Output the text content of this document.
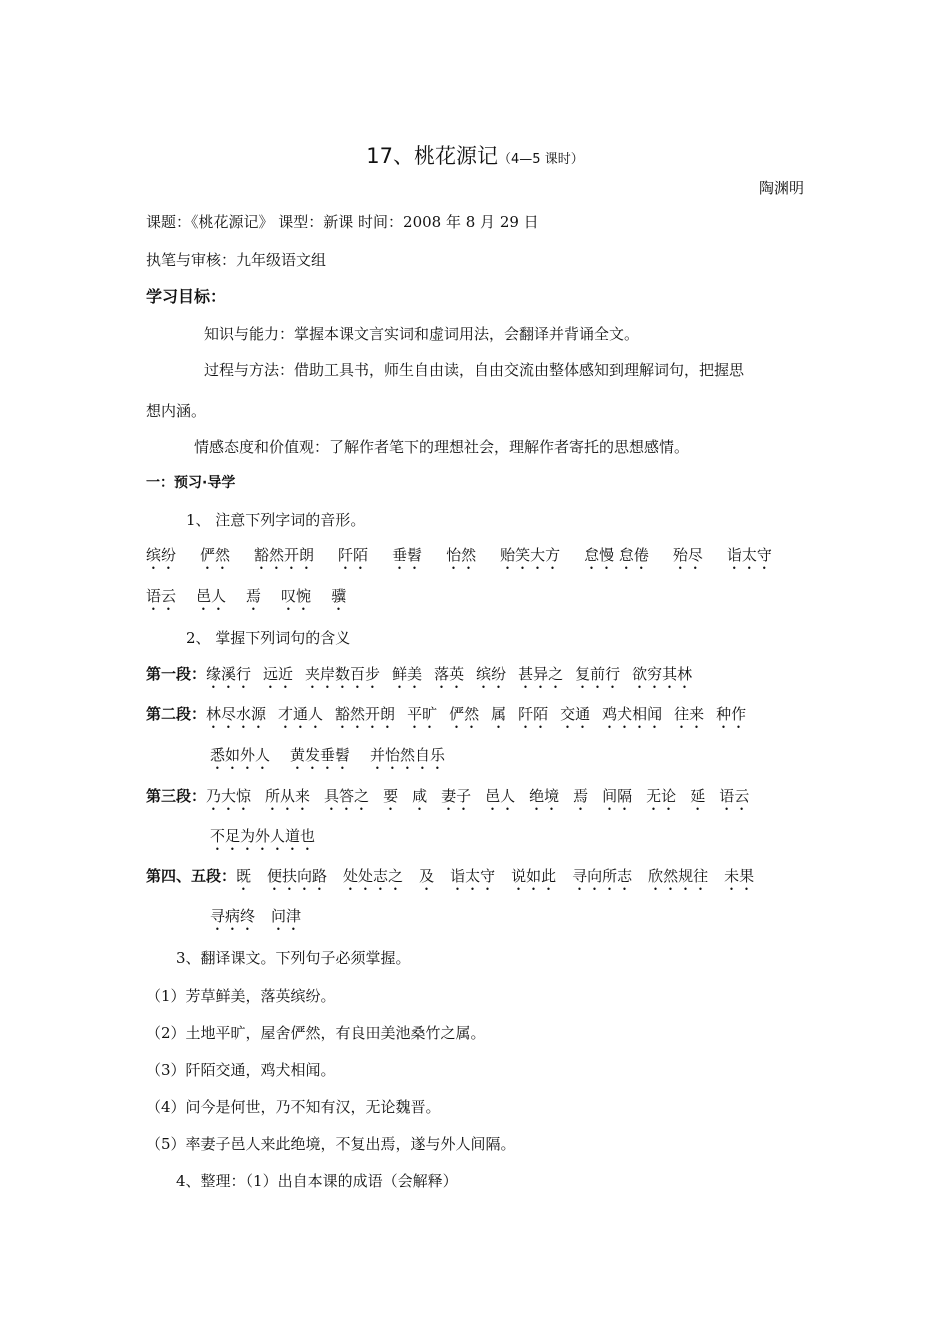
17、桃花源记（4—5 课时）
陶渊明
课题：《桃花源记》 课型：新课 时间：2008 年 8 月 29 日
执笔与审核：九年级语文组
学习目标：
知识与能力：掌握本课文言实词和虚词用法，会翻译并背诵全文。
过程与方法：借助工具书，师生自由读，自由交流由整体感知到理解词句，把握思
想内涵。
情感态度和价值观：了解作者笔下的理想社会，理解作者寄托的思想感情。
一：预习·导学
1、 注意下列字词的音形。
缤纷 俨然 豁然开朗 阡陌 垂髫 怡然 贻笑大方 怠慢 怠倦 殆尽 诣太守
语云 邑人 焉 叹惋 骥
2、 掌握下列词句的含义
第一段：缘溪行 远近 夹岸数百步 鲜美 落英 缤纷 甚异之 复前行 欲穷其林
第二段：林尽水源 才通人 豁然开朗 平旷 俨然 属 阡陌 交通 鸡犬相闻 往来 种作
悉如外人 黄发垂髫 并怡然自乐
第三段：乃大惊 所从来 具答之 要 咸 妻子 邑人 绝境 焉 间隔 无论 延 语云
不足为外人道也
第四、五段：既 便扶向路 处处志之 及 诣太守 说如此 寻向所志 欣然规往 未果
寻病终 问津
3、翻译课文。下列句子必须掌握。
（1）芳草鲜美，落英缤纷。
（2）土地平旷，屋舍俨然，有良田美池桑竹之属。
（3）阡陌交通，鸡犬相闻。
（4）问今是何世，乃不知有汉，无论魏晋。
（5）率妻子邑人来此绝境，不复出焉，遂与外人间隔。
4、整理：（1）出自本课的成语（会解释）
